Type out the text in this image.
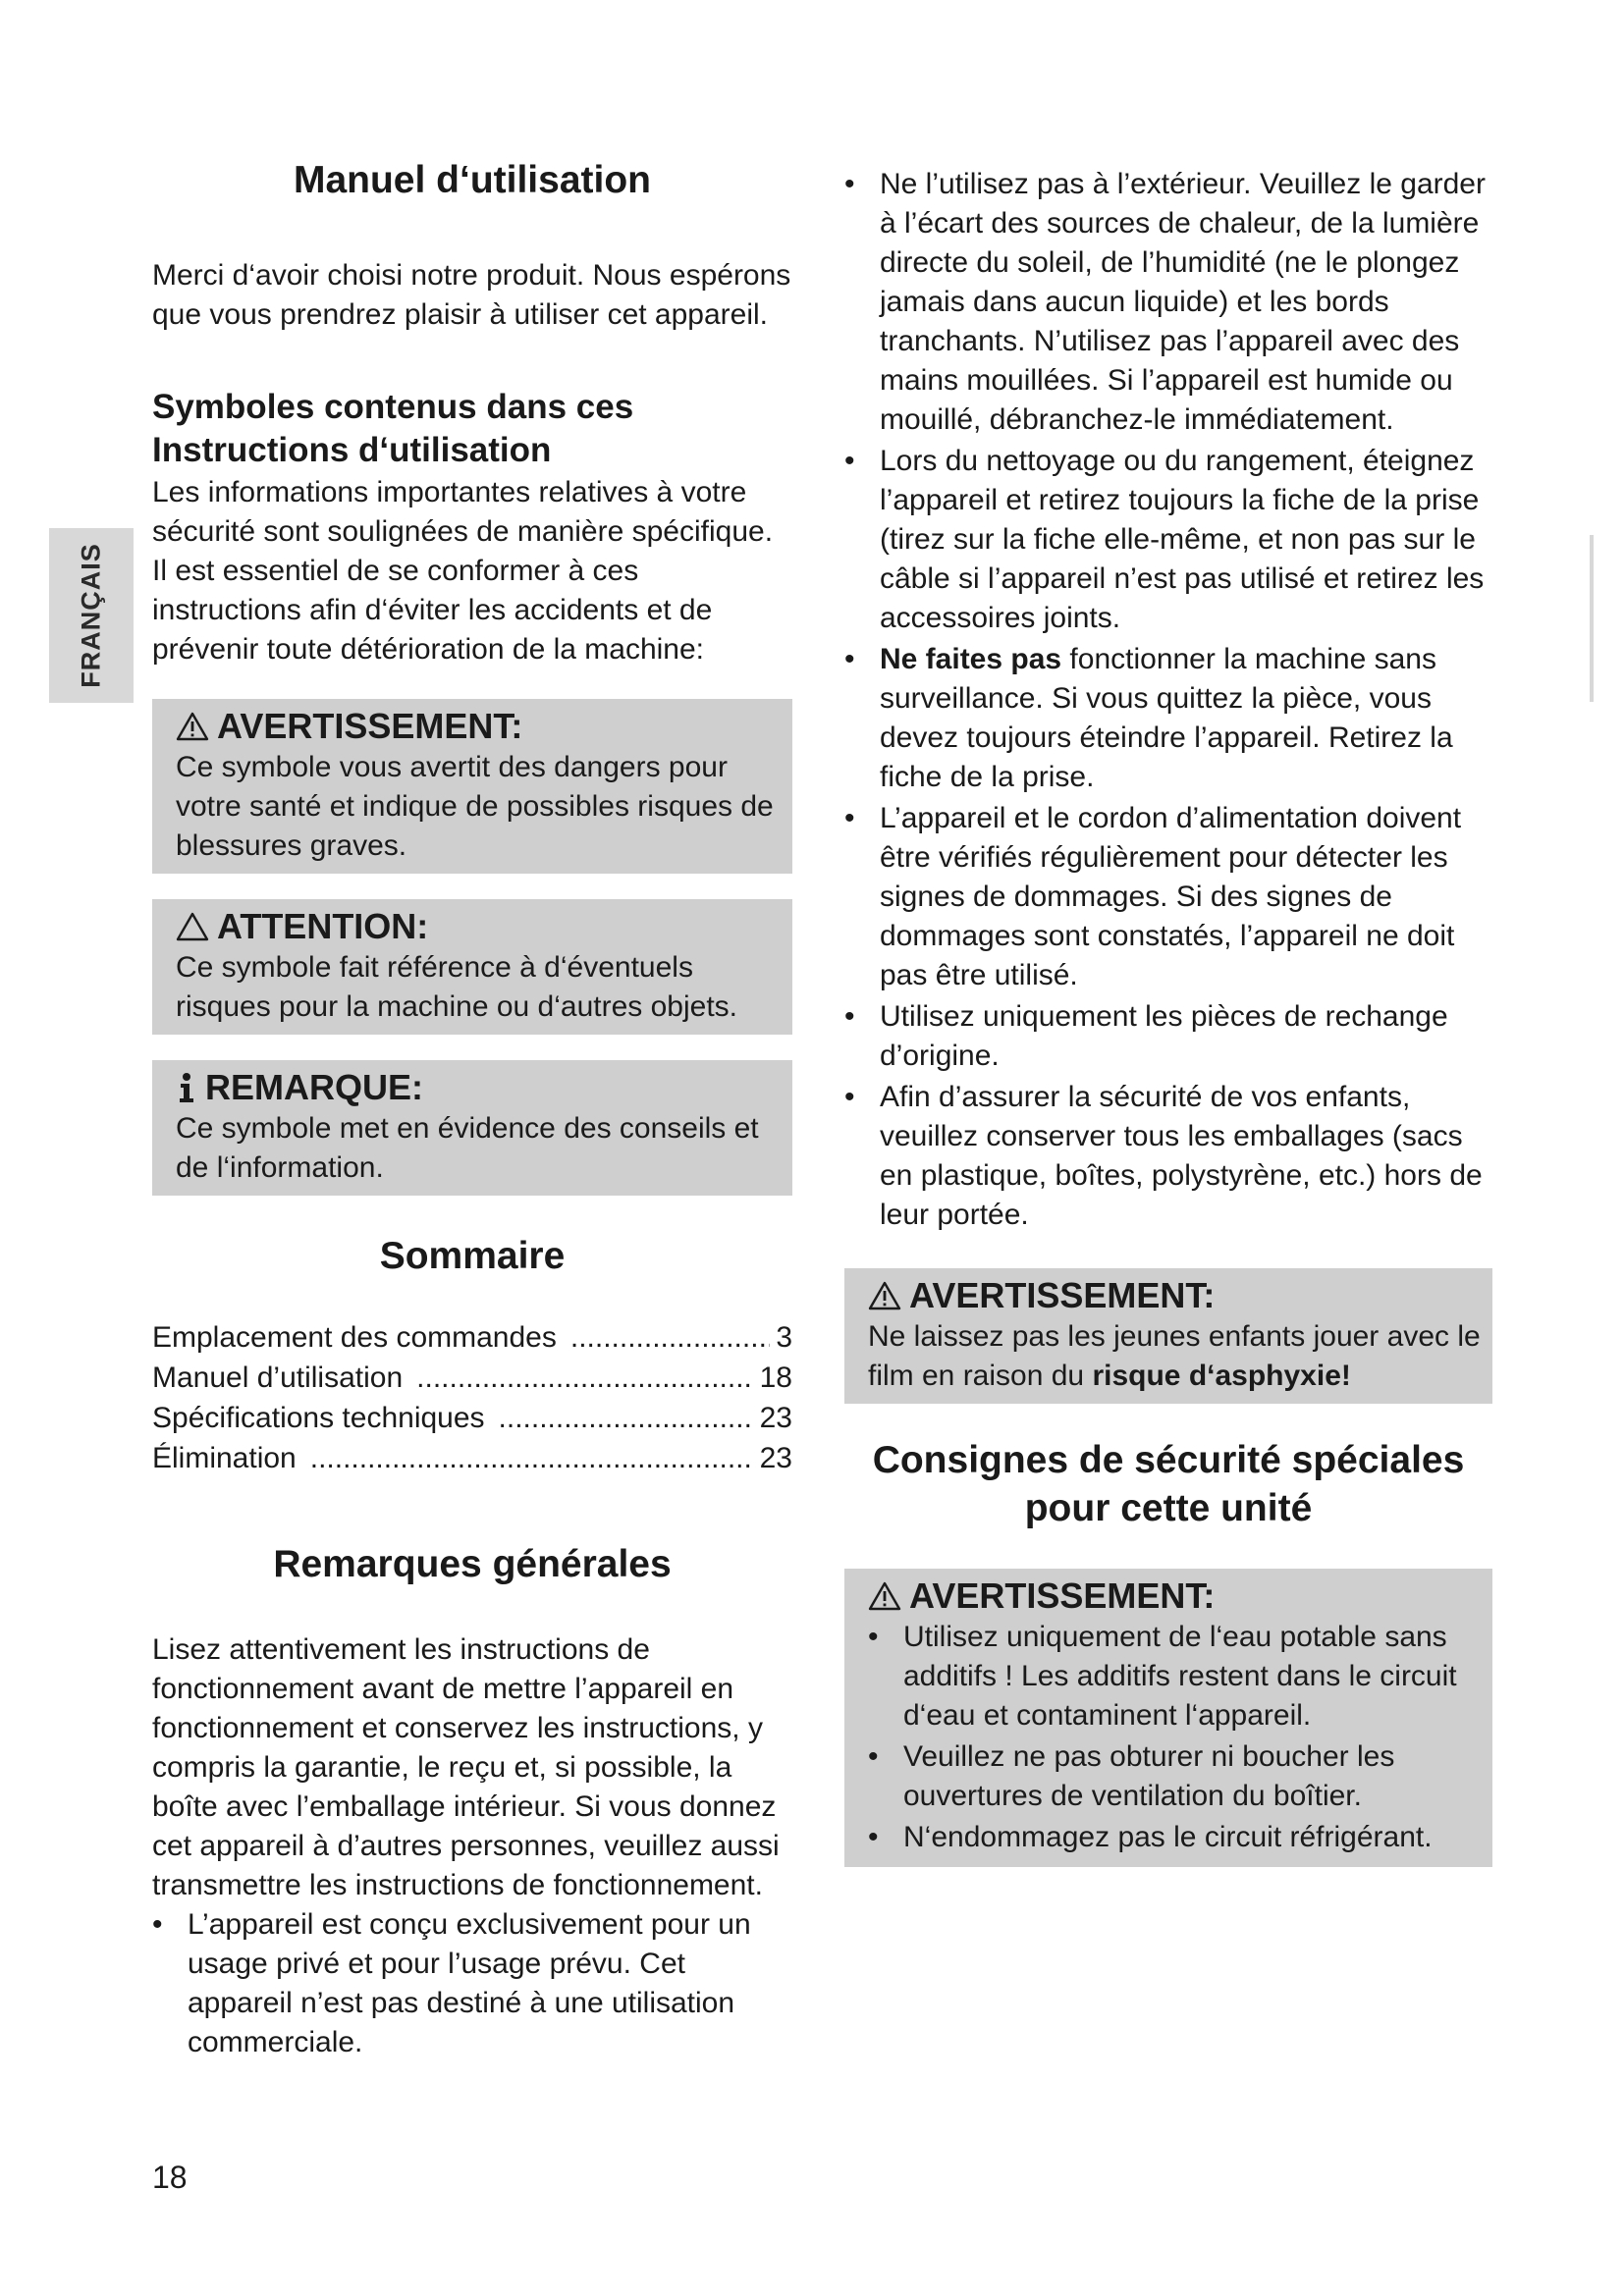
FRANÇAIS
Manuel d‘utilisation

Merci d‘avoir choisi notre produit. Nous espérons que vous prendrez plaisir à utiliser cet appareil.

Symboles contenus dans ces Instructions d‘utilisation

Les informations importantes relatives à votre sécurité sont soulignées de manière spécifique. Il est essentiel de se conformer à ces instructions afin d‘éviter les accidents et de prévenir toute détérioration de la machine:

AVERTISSEMENT:

Ce symbole vous avertit des dangers pour votre santé et indique de possibles risques de blessures graves.

ATTENTION:

Ce symbole fait référence à d‘éventuels risques pour la machine ou d‘autres objets.

REMARQUE:

Ce symbole met en évidence des conseils et de l‘information.

Sommaire
Emplacement des commandes .....	3
Manuel d’utilisation .....	18
Spécifications techniques .....	23
Élimination .....	23
Remarques générales

Lisez attentivement les instructions de fonctionnement avant de mettre l’appareil en fonctionnement et conservez les instructions, y compris la garantie, le reçu et, si possible, la boîte avec l’emballage intérieur. Si vous donnez cet appareil à d’autres personnes, veuillez aussi transmettre les instructions de fonctionnement.

• L’appareil est conçu exclusivement pour un usage privé et pour l’usage prévu. Cet appareil n’est pas destiné à une utilisation commerciale.
• Ne l’utilisez pas à l’extérieur. Veuillez le garder à l’écart des sources de chaleur, de la lumière directe du soleil, de l’humidité (ne le plongez jamais dans aucun liquide) et les bords tranchants. N’utilisez pas l’appareil avec des mains mouillées. Si l’appareil est humide ou mouillé, débranchez-le immédiatement.
• Lors du nettoyage ou du rangement, éteignez l’appareil et retirez toujours la fiche de la prise (tirez sur la fiche elle-même, et non pas sur le câble si l’appareil n’est pas utilisé et retirez les accessoires joints.
• Ne faites pas fonctionner la machine sans surveillance. Si vous quittez la pièce, vous devez toujours éteindre l’appareil. Retirez la fiche de la prise.
• L’appareil et le cordon d’alimentation doivent être vérifiés régulièrement pour détecter les signes de dommages. Si des signes de dommages sont constatés, l’appareil ne doit pas être utilisé.
• Utilisez uniquement les pièces de rechange d’origine.
• Afin d’assurer la sécurité de vos enfants, veuillez conserver tous les emballages (sacs en plastique, boîtes, polystyrène, etc.) hors de leur portée.
AVERTISSEMENT:

Ne laissez pas les jeunes enfants jouer avec le film en raison du risque d‘asphyxie!

Consignes de sécurité spéciales pour cette unité
AVERTISSEMENT:
• Utilisez uniquement de l‘eau potable sans additifs ! Les additifs restent dans le circuit d‘eau et contaminent l‘appareil.
• Veuillez ne pas obturer ni boucher les ouvertures de ventilation du boîtier.
• N‘endommagez pas le circuit réfrigérant.
18
